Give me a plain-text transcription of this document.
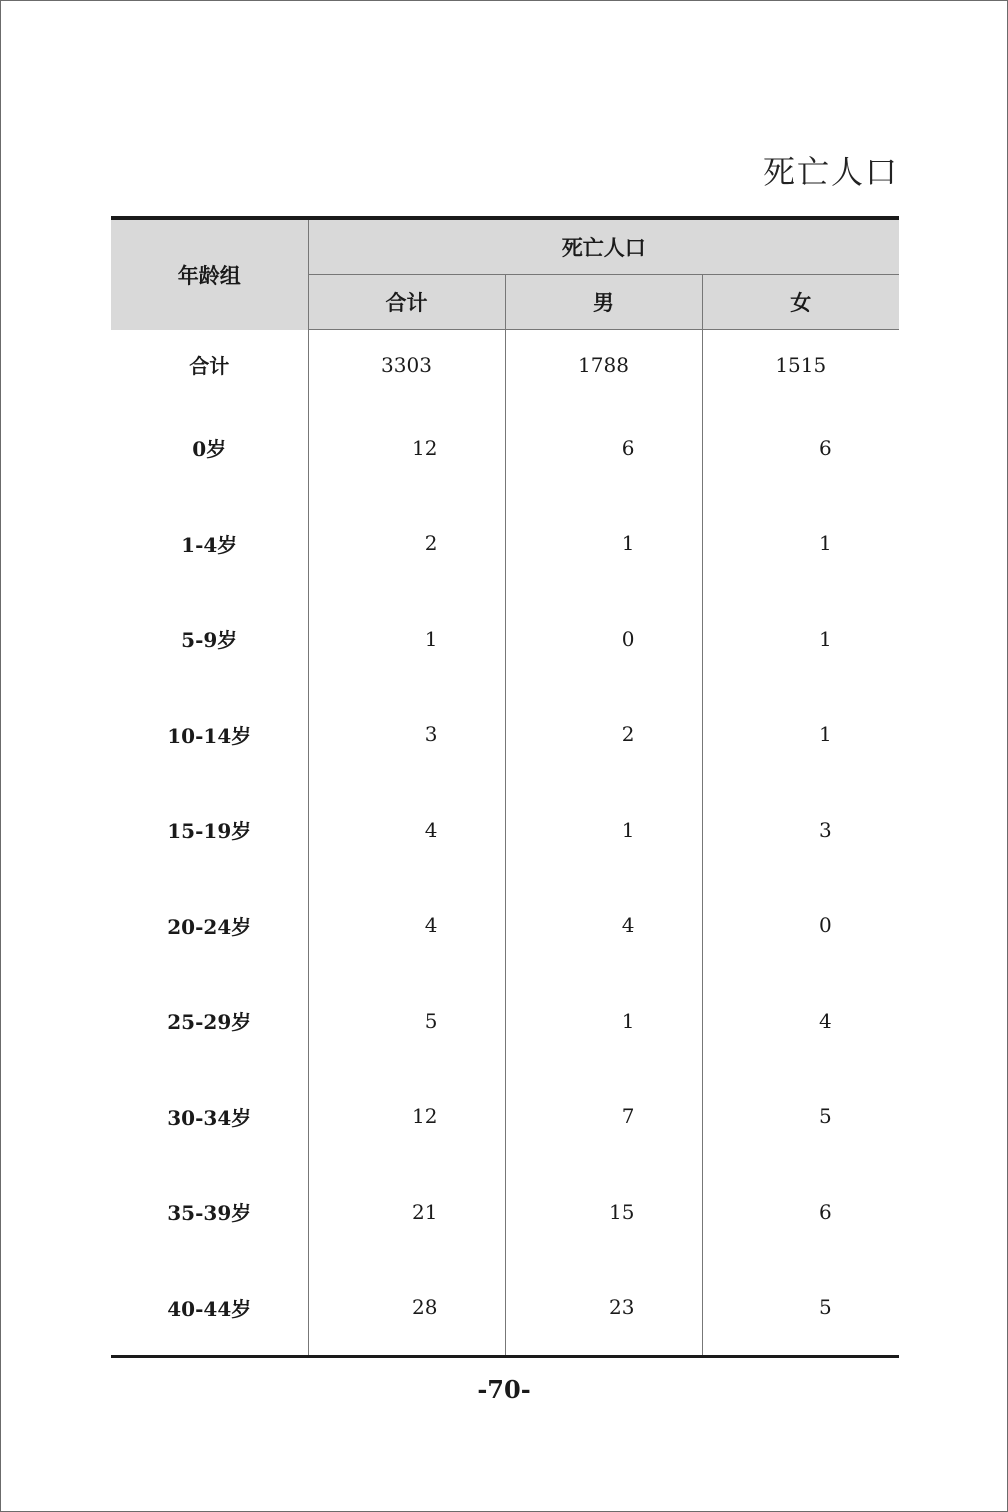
死亡人口
年龄组	死亡人口		
	合计	男	女
合计	3303	1788	1515
0岁	12	6	6
1-4岁	2	1	1
5-9岁	1	0	1
10-14岁	3	2	1
15-19岁	4	1	3
20-24岁	4	4	0
25-29岁	5	1	4
30-34岁	12	7	5
35-39岁	21	15	6
40-44岁	28	23	5
-70-
